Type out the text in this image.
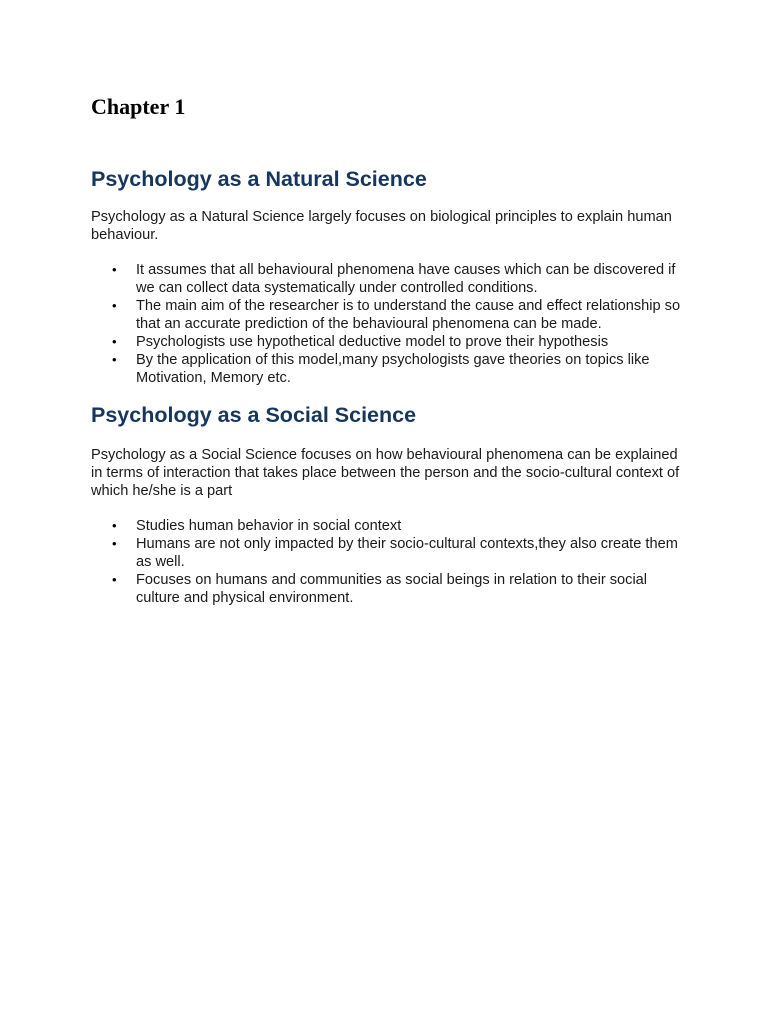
Chapter 1
Psychology as a Natural Science

Psychology as a Natural Science largely focuses on biological principles to explain human behaviour.

• It assumes that all behavioural phenomena have causes which can be discovered if we can collect data systematically under controlled conditions.
• The main aim of the researcher is to understand the cause and effect relationship so that an accurate prediction of the behavioural phenomena can be made.
• Psychologists use hypothetical deductive model to prove their hypothesis
• By the application of this model,many psychologists gave theories on topics like Motivation, Memory etc.
Psychology as a Social Science

Psychology as a Social Science focuses on how behavioural phenomena can be explained in terms of interaction that takes place between the person and the socio-cultural context of which he/she is a part

• Studies human behavior in social context
• Humans are not only impacted by their socio-cultural contexts,they also create them as well.
• Focuses on humans and communities as social beings in relation to their social culture and physical environment.
